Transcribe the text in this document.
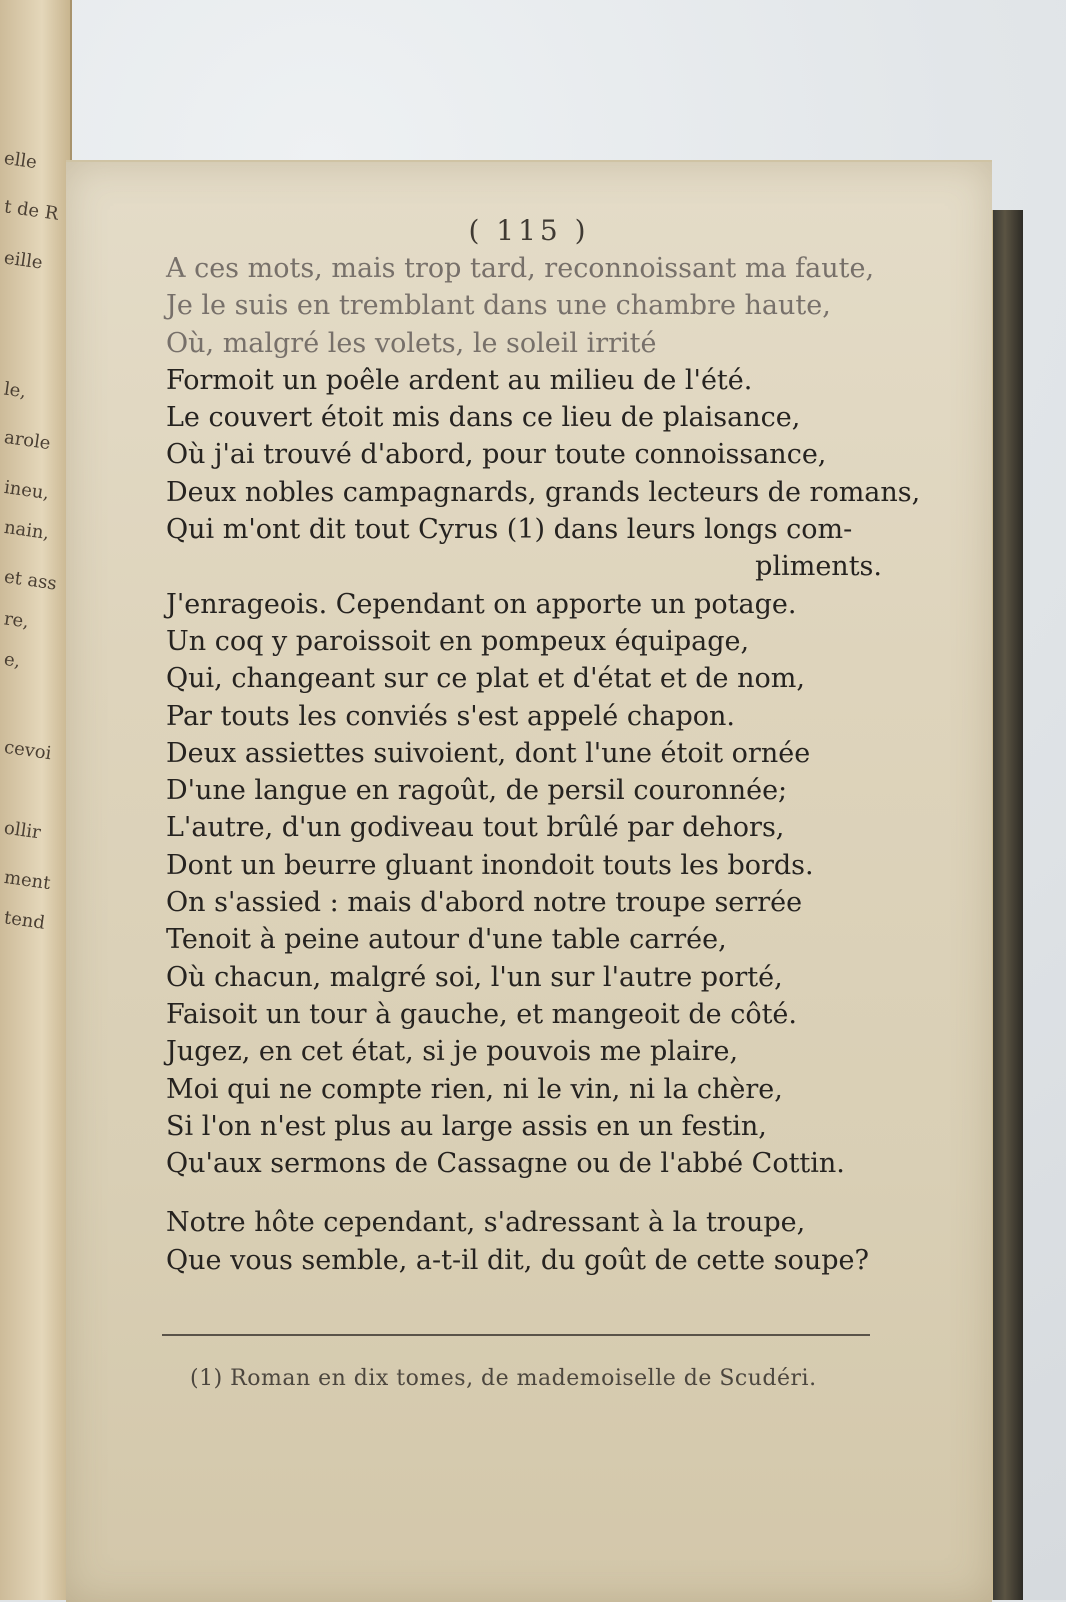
elle
t de R
eille
le,
arole
ineu,
nain,
et ass
re,
e,
cevoi
ollir
ment
tend
( 115 )
A ces mots, mais trop tard, reconnoissant ma faute,
Je le suis en tremblant dans une chambre haute,
Où, malgré les volets, le soleil irrité
Formoit un poêle ardent au milieu de l'été.
Le couvert étoit mis dans ce lieu de plaisance,
Où j'ai trouvé d'abord, pour toute connoissance,
Deux nobles campagnards, grands lecteurs de romans,
Qui m'ont dit tout Cyrus (1) dans leurs longs com-
pliments.
J'enrageois. Cependant on apporte un potage.
Un coq y paroissoit en pompeux équipage,
Qui, changeant sur ce plat et d'état et de nom,
Par touts les conviés s'est appelé chapon.
Deux assiettes suivoient, dont l'une étoit ornée
D'une langue en ragoût, de persil couronnée;
L'autre, d'un godiveau tout brûlé par dehors,
Dont un beurre gluant inondoit touts les bords.
On s'assied : mais d'abord notre troupe serrée
Tenoit à peine autour d'une table carrée,
Où chacun, malgré soi, l'un sur l'autre porté,
Faisoit un tour à gauche, et mangeoit de côté.
Jugez, en cet état, si je pouvois me plaire,
Moi qui ne compte rien, ni le vin, ni la chère,
Si l'on n'est plus au large assis en un festin,
Qu'aux sermons de Cassagne ou de l'abbé Cottin.
Notre hôte cependant, s'adressant à la troupe,
Que vous semble, a-t-il dit, du goût de cette soupe?
(1) Roman en dix tomes, de mademoiselle de Scudéri.
